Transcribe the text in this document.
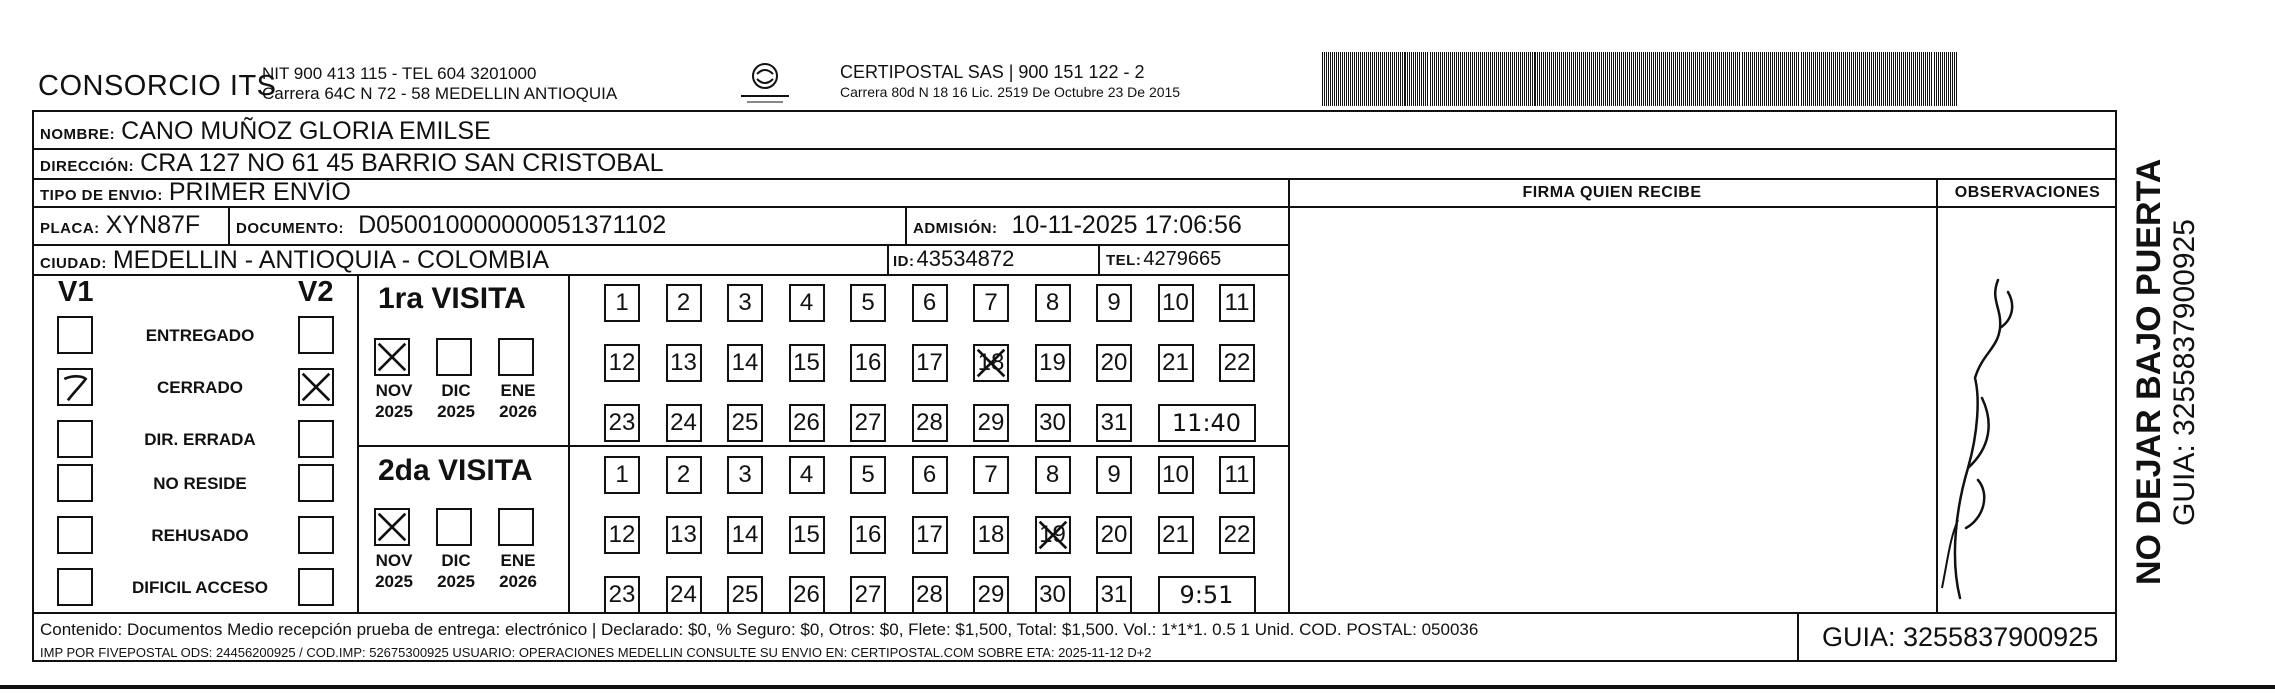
CONSORCIO ITS
NIT 900 413 115 - TEL 604 3201000
Carrera 64C N 72 - 58 MEDELLIN ANTIOQUIA
CERTIPOSTAL SAS | 900 151 122 - 2
Carrera 80d N 18 16 Lic. 2519 De Octubre 23 De 2015
NOMBRE: CANO MUÑOZ GLORIA EMILSE
DIRECCIÓN: CRA 127 NO 61 45 BARRIO SAN CRISTOBAL
TIPO DE ENVIO: PRIMER ENVÍO
PLACA: XYN87F DOCUMENTO: D050010000000051371102	ADMISIÓN: 10-11-2025 17:06:56
CIUDAD: MEDELLIN - ANTIOQUIA - COLOMBIA	ID: 43534872	TEL: 4279665
FIRMA QUIEN RECIBE	OBSERVACIONES
V1	V2
ENTREGADO
CERRADO
DIR. ERRADA
NO RESIDE
REHUSADO
DIFICIL ACCESO
1ra VISITA
NOV
2025
DIC
2025
ENE
2026
1	2	3	4	5	6	7	8	9	10 11
12 13 14 15 16 17 18 19 20 21 22
23 24 25 26 27 28 29 30 31	11:40
2da VISITA
NOV
2025
DIC
2025
ENE
2026
1	2	3	4	5	6	7	8	9	10 11
12 13 14 15 16 17 18 19 20 21 22
23 24 25 26 27 28 29 30 31	9:51
Contenido: Documentos Medio recepción prueba de entrega: electrónico | Declarado: $0, % Seguro: $0, Otros: $0, Flete: $1,500, Total: $1,500. Vol.: 1*1*1. 0.5 1 Unid. COD. POSTAL: 050036
IMP POR FIVEPOSTAL ODS: 24456200925 / COD.IMP: 52675300925 USUARIO: OPERACIONES MEDELLIN CONSULTE SU ENVIO EN: CERTIPOSTAL.COM SOBRE ETA: 2025-11-12 D+2
GUIA: 3255837900925
NO DEJAR BAJO PUERTA GUIA: 3255837900925
